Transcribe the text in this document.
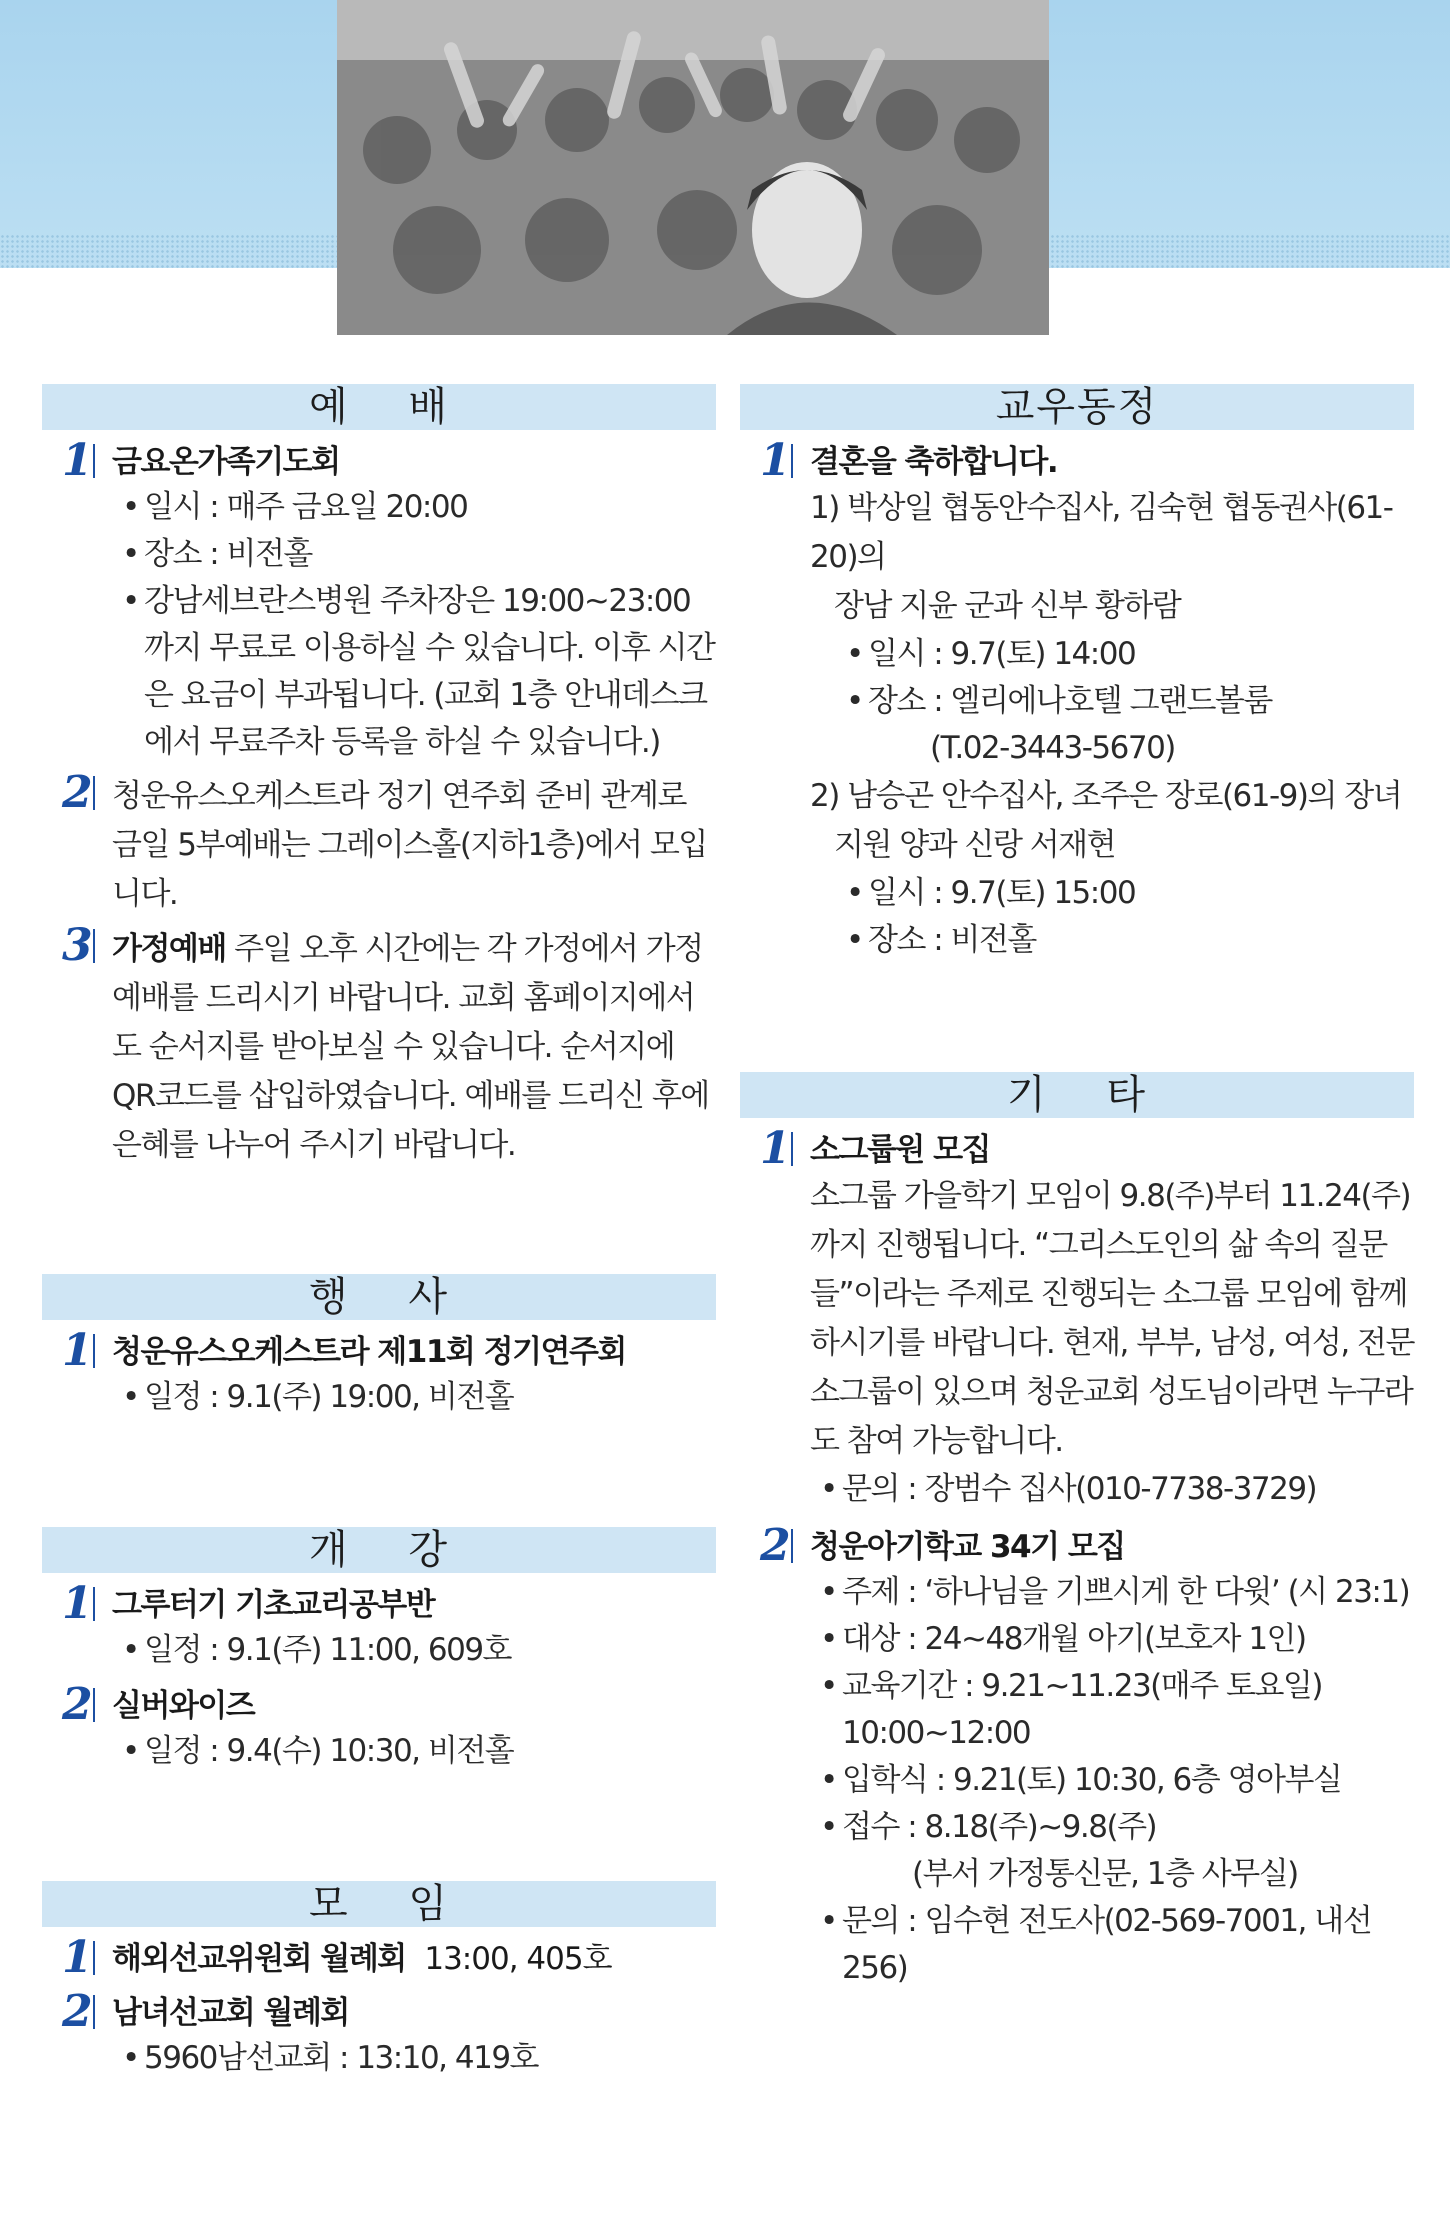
예 배
1 금요온가족기도회
• 일시 : 매주 금요일 20:00
• 장소 : 비전홀
• 강남세브란스병원 주차장은 19:00~23:00까지 무료로 이용하실 수 있습니다. 이후 시간은 요금이 부과됩니다. (교회 1층 안내데스크에서 무료주차 등록을 하실 수 있습니다.)
2 청운유스오케스트라 정기 연주회 준비 관계로 금일 5부예배는 그레이스홀(지하1층)에서 모입니다.
3 가정예배 주일 오후 시간에는 각 가정에서 가정예배를 드리시기 바랍니다. 교회 홈페이지에서도 순서지를 받아보실 수 있습니다. 순서지에 QR코드를 삽입하였습니다. 예배를 드리신 후에 은혜를 나누어 주시기 바랍니다.
행 사
1 청운유스오케스트라 제11회 정기연주회
• 일정 : 9.1(주) 19:00, 비전홀
개 강
1 그루터기 기초교리공부반
• 일정 : 9.1(주) 11:00, 609호
2 실버와이즈
• 일정 : 9.4(수) 10:30, 비전홀
모 임
1 해외선교위원회 월례회 13:00, 405호
2 남녀선교회 월례회
• 5960남선교회 : 13:10, 419호
교우동정
1 결혼을 축하합니다.
1) 박상일 협동안수집사, 김숙현 협동권사(61-20)의
장남 지윤 군과 신부 황하람
• 일시 : 9.7(토) 14:00
• 장소 : 엘리에나호텔 그랜드볼룸
(T.02-3443-5670)
2) 남승곤 안수집사, 조주은 장로(61-9)의 장녀
지원 양과 신랑 서재현
• 일시 : 9.7(토) 15:00
• 장소 : 비전홀
기 타
1 소그룹원 모집
소그룹 가을학기 모임이 9.8(주)부터 11.24(주)까지 진행됩니다. “그리스도인의 삶 속의 질문들”이라는 주제로 진행되는 소그룹 모임에 함께하시기를 바랍니다. 현재, 부부, 남성, 여성, 전문 소그룹이 있으며 청운교회 성도님이라면 누구라도 참여 가능합니다.
• 문의 : 장범수 집사(010-7738-3729)
2 청운아기학교 34기 모집
• 주제 : ‘하나님을 기쁘시게 한 다윗’ (시 23:1)
• 대상 : 24~48개월 아기(보호자 1인)
• 교육기간 : 9.21~11.23(매주 토요일) 10:00~12:00
• 입학식 : 9.21(토) 10:30, 6층 영아부실
• 접수 : 8.18(주)~9.8(주)
(부서 가정통신문, 1층 사무실)
• 문의 : 임수현 전도사(02-569-7001, 내선 256)
